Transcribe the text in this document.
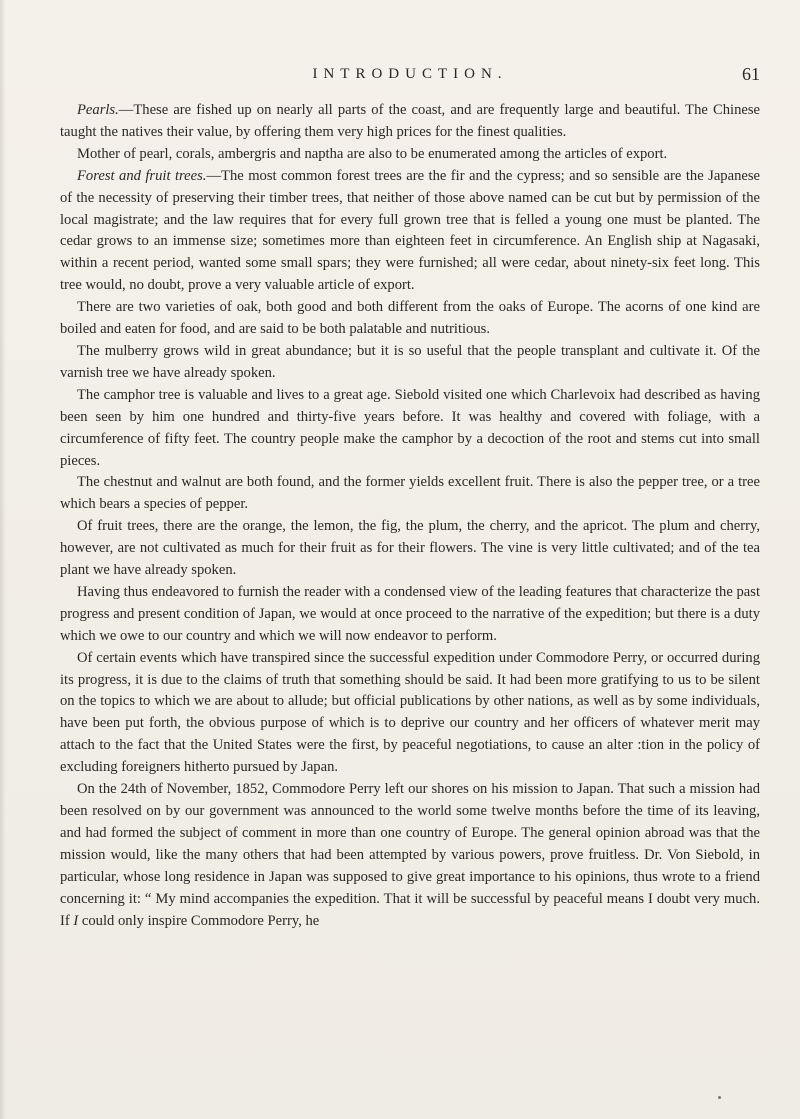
INTRODUCTION.	61

Pearls.—These are fished up on nearly all parts of the coast, and are frequently large and beautiful. The Chinese taught the natives their value, by offering them very high prices for the finest qualities.

Mother of pearl, corals, ambergris and naptha are also to be enumerated among the articles of export.

Forest and fruit trees.—The most common forest trees are the fir and the cypress; and so sensible are the Japanese of the necessity of preserving their timber trees, that neither of those above named can be cut but by permission of the local magistrate; and the law requires that for every full grown tree that is felled a young one must be planted. The cedar grows to an immense size; sometimes more than eighteen feet in circumference. An English ship at Nagasaki, within a recent period, wanted some small spars; they were furnished; all were cedar, about ninety-six feet long. This tree would, no doubt, prove a very valuable article of export.

There are two varieties of oak, both good and both different from the oaks of Europe. The acorns of one kind are boiled and eaten for food, and are said to be both palatable and nutritious.

The mulberry grows wild in great abundance; but it is so useful that the people transplant and cultivate it. Of the varnish tree we have already spoken.

The camphor tree is valuable and lives to a great age. Siebold visited one which Charlevoix had described as having been seen by him one hundred and thirty-five years before. It was healthy and covered with foliage, with a circumference of fifty feet. The country people make the camphor by a decoction of the root and stems cut into small pieces.

The chestnut and walnut are both found, and the former yields excellent fruit. There is also the pepper tree, or a tree which bears a species of pepper.

Of fruit trees, there are the orange, the lemon, the fig, the plum, the cherry, and the apricot. The plum and cherry, however, are not cultivated as much for their fruit as for their flowers. The vine is very little cultivated; and of the tea plant we have already spoken.

Having thus endeavored to furnish the reader with a condensed view of the leading features that characterize the past progress and present condition of Japan, we would at once proceed to the narrative of the expedition; but there is a duty which we owe to our country and which we will now endeavor to perform.

Of certain events which have transpired since the successful expedition under Commodore Perry, or occurred during its progress, it is due to the claims of truth that something should be said. It had been more gratifying to us to be silent on the topics to which we are about to allude; but official publications by other nations, as well as by some individuals, have been put forth, the obvious purpose of which is to deprive our country and her officers of whatever merit may attach to the fact that the United States were the first, by peaceful negotiations, to cause an alter :tion in the policy of excluding foreigners hitherto pursued by Japan.

On the 24th of November, 1852, Commodore Perry left our shores on his mission to Japan. That such a mission had been resolved on by our government was announced to the world some twelve months before the time of its leaving, and had formed the subject of comment in more than one country of Europe. The general opinion abroad was that the mission would, like the many others that had been attempted by various powers, prove fruitless. Dr. Von Siebold, in particular, whose long residence in Japan was supposed to give great importance to his opinions, thus wrote to a friend concerning it: “ My mind accompanies the expedition. That it will be successful by peaceful means I doubt very much. If I could only inspire Commodore Perry, he
